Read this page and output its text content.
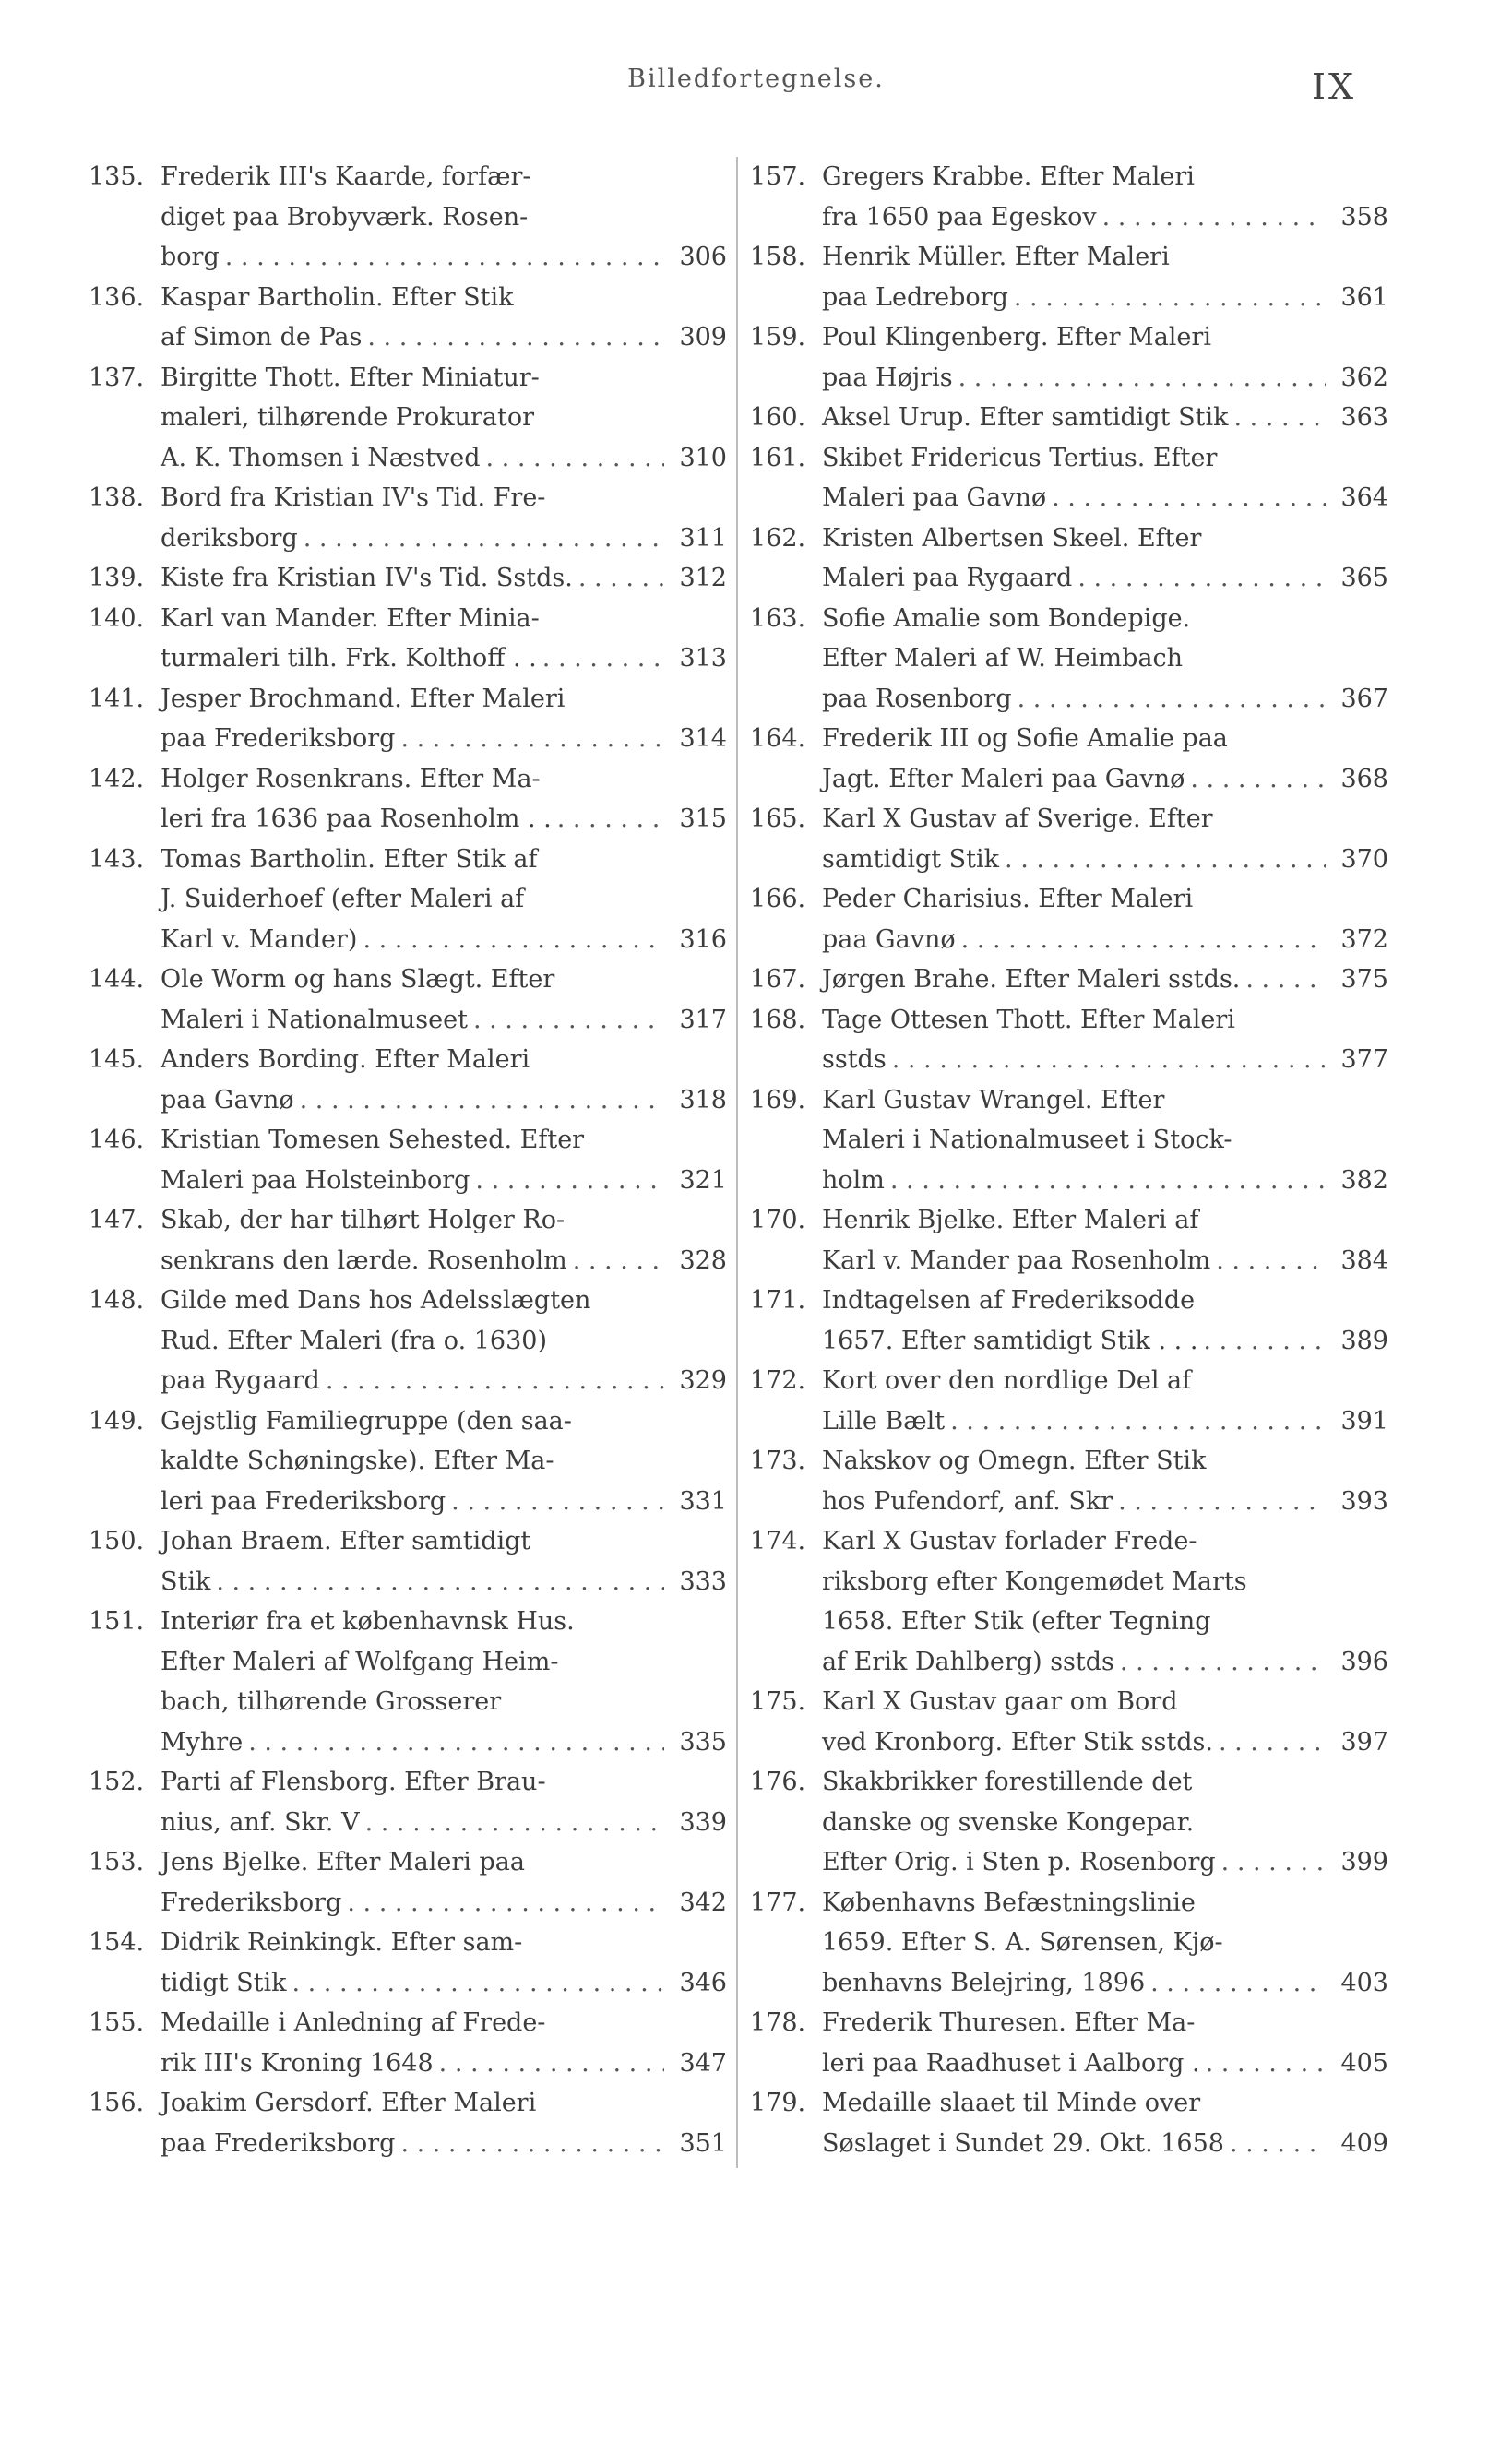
Billedfortegnelse.	IX
135. Frederik III's Kaarde, forfær-
diget paa Brobyværk. Rosen-
borg . . .	306
136. Kaspar Bartholin. Efter Stik
af Simon de Pas . . .	309
137. Birgitte Thott. Efter Miniatur-
maleri, tilhørende Prokurator
A. K. Thomsen i Næstved . . .	310
138. Bord fra Kristian IV's Tid. Fre-
deriksborg . . .	311
139. Kiste fra Kristian IV's Tid. Sstds. . . .	312
140. Karl van Mander. Efter Minia-
turmaleri tilh. Frk. Kolthoff . . . . .	313
141. Jesper Brochmand. Efter Maleri
paa Frederiksborg . . .	314
142. Holger Rosenkrans. Efter Ma-
leri fra 1636 paa Rosenholm . . . . .	315
143. Tomas Bartholin. Efter Stik af
J. Suiderhoef (efter Maleri af
Karl v. Mander) . . .	316
144. Ole Worm og hans Slægt. Efter
Maleri i Nationalmuseet . . .	317
145. Anders Bording. Efter Maleri
paa Gavnø . . .	318
146. Kristian Tomesen Sehested. Efter
Maleri paa Holsteinborg . . .	321
147. Skab, der har tilhørt Holger Ro-
senkrans den lærde. Rosenholm . . .	328
148. Gilde med Dans hos Adelsslægten
Rud. Efter Maleri (fra o. 1630)
paa Rygaard . . .	329
149. Gejstlig Familiegruppe (den saa-
kaldte Schøningske). Efter Ma-
leri paa Frederiksborg . . .	331
150. Johan Braem. Efter samtidigt
Stik . . .	333
151. Interiør fra et københavnsk Hus.
Efter Maleri af Wolfgang Heim-
bach, tilhørende Grosserer
Myhre . . .	335
152. Parti af Flensborg. Efter Brau-
nius, anf. Skr. V . . .	339
153. Jens Bjelke. Efter Maleri paa
Frederiksborg . . .	342
154. Didrik Reinkingk. Efter sam-
tidigt Stik . . .	346
155. Medaille i Anledning af Frede-
rik III's Kroning 1648 . . .	347
156. Joakim Gersdorf. Efter Maleri
paa Frederiksborg . . .	351
157. Gregers Krabbe. Efter Maleri
fra 1650 paa Egeskov . . .	358
158. Henrik Müller. Efter Maleri
paa Ledreborg . . .	361
159. Poul Klingenberg. Efter Maleri
paa Højris . . .	362
160. Aksel Urup. Efter samtidigt Stik . . .	363
161. Skibet Fridericus Tertius. Efter
Maleri paa Gavnø . . .	364
162. Kristen Albertsen Skeel. Efter
Maleri paa Rygaard . . .	365
163. Sofie Amalie som Bondepige.
Efter Maleri af W. Heimbach
paa Rosenborg . . .	367
164. Frederik III og Sofie Amalie paa
Jagt. Efter Maleri paa Gavnø . . .	368
165. Karl X Gustav af Sverige. Efter
samtidigt Stik . . .	370
166. Peder Charisius. Efter Maleri
paa Gavnø . . .	372
167. Jørgen Brahe. Efter Maleri sstds. . . .	375
168. Tage Ottesen Thott. Efter Maleri
sstds . . .	377
169. Karl Gustav Wrangel. Efter
Maleri i Nationalmuseet i Stock-
holm . . .	382
170. Henrik Bjelke. Efter Maleri af
Karl v. Mander paa Rosenholm . . .	384
171. Indtagelsen af Frederiksodde
1657. Efter samtidigt Stik . . . . . .	389
172. Kort over den nordlige Del af
Lille Bælt . . .	391
173. Nakskov og Omegn. Efter Stik
hos Pufendorf, anf. Skr . . .	393
174. Karl X Gustav forlader Frede-
riksborg efter Kongemødet Marts
1658. Efter Stik (efter Tegning
af Erik Dahlberg) sstds . . .	396
175. Karl X Gustav gaar om Bord
ved Kronborg. Efter Stik sstds. . . .	397
176. Skakbrikker forestillende det
danske og svenske Kongepar.
Efter Orig. i Sten p. Rosenborg . . .	399
177. Københavns Befæstningslinie
1659. Efter S. A. Sørensen, Kjø-
benhavns Belejring, 1896 . . .	403
178. Frederik Thuresen. Efter Ma-
leri paa Raadhuset i Aalborg . . . .	405
179. Medaille slaaet til Minde over
Søslaget i Sundet 29. Okt. 1658 . . .	409
